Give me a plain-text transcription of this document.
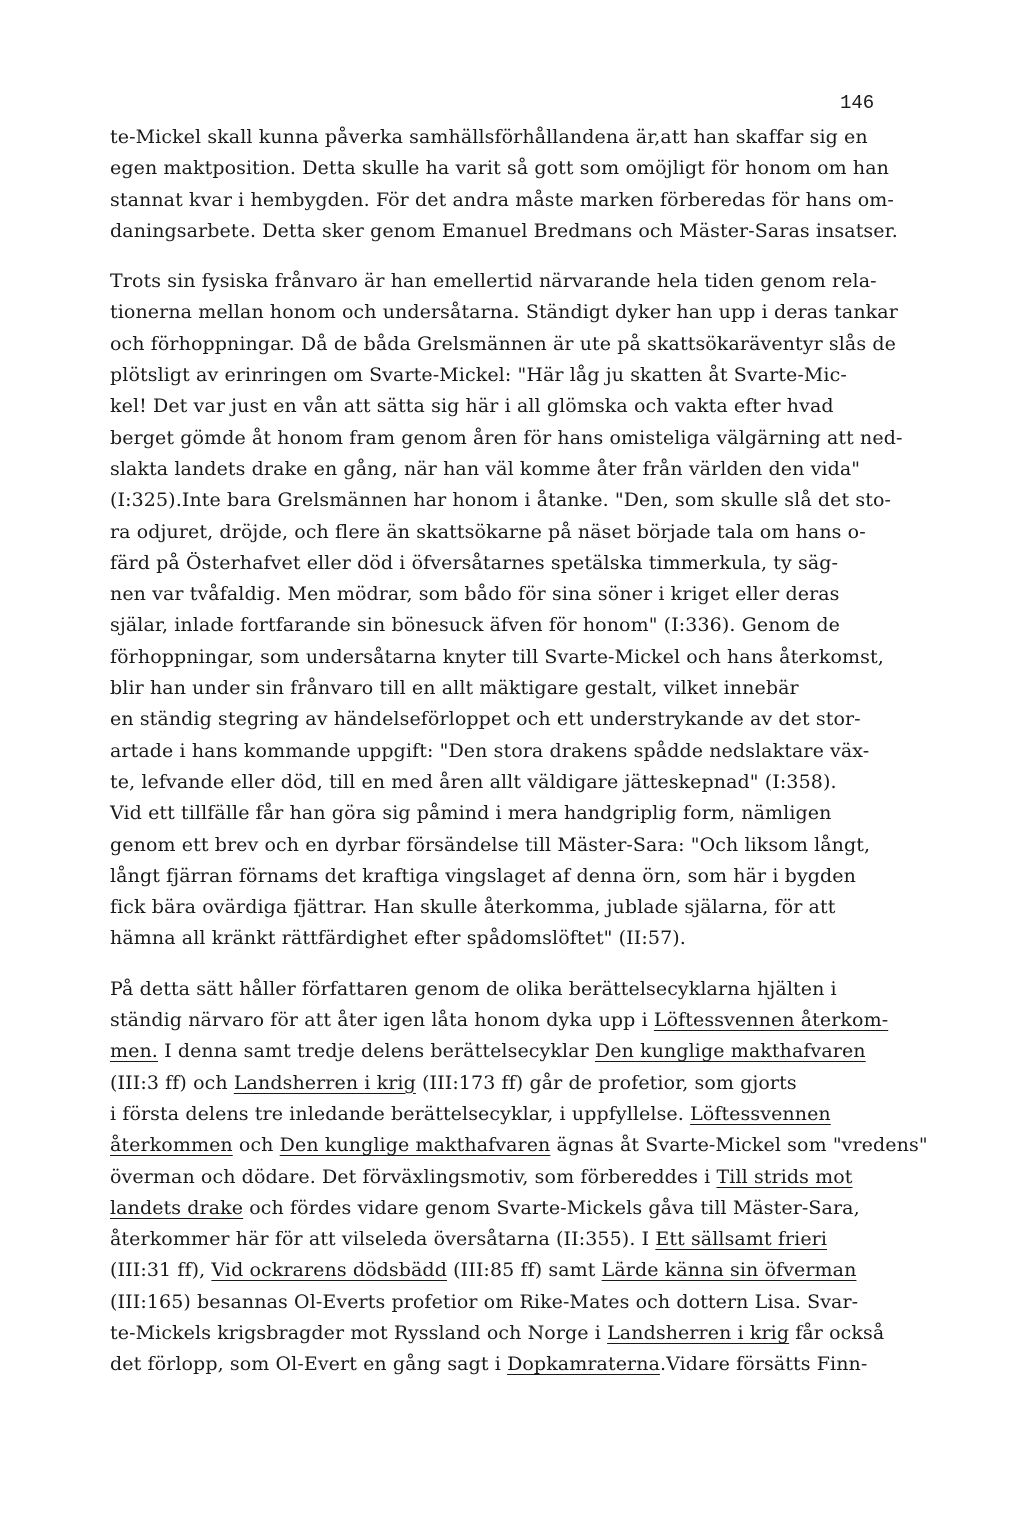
146
te-Mickel skall kunna påverka samhällsförhållandena är,att han skaffar sig en
egen maktposition. Detta skulle ha varit så gott som omöjligt för honom om han
stannat kvar i hembygden. För det andra måste marken förberedas för hans om-
daningsarbete. Detta sker genom Emanuel Bredmans och Mäster-Saras insatser.
Trots sin fysiska frånvaro är han emellertid närvarande hela tiden genom rela-
tionerna mellan honom och undersåtarna. Ständigt dyker han upp i deras tankar
och förhoppningar. Då de båda Grelsmännen är ute på skattsökaräventyr slås de
plötsligt av erinringen om Svarte-Mickel: "Här låg ju skatten åt Svarte-Mic-
kel! Det var just en vån att sätta sig här i all glömska och vakta efter hvad
berget gömde åt honom fram genom åren för hans omisteliga välgärning att ned-
slakta landets drake en gång, när han väl komme åter från världen den vida"
(I:325).Inte bara Grelsmännen har honom i åtanke. "Den, som skulle slå det sto-
ra odjuret, dröjde, och flere än skattsökarne på näset började tala om hans o-
färd på Österhafvet eller död i öfversåtarnes spetälska timmerkula, ty säg-
nen var tvåfaldig. Men mödrar, som bådo för sina söner i kriget eller deras
själar, inlade fortfarande sin bönesuck äfven för honom" (I:336). Genom de
förhoppningar, som undersåtarna knyter till Svarte-Mickel och hans återkomst,
blir han under sin frånvaro till en allt mäktigare gestalt, vilket innebär
en ständig stegring av händelseförloppet och ett understrykande av det stor-
artade i hans kommande uppgift: "Den stora drakens spådde nedslaktare väx-
te, lefvande eller död, till en med åren allt väldigare jätteskepnad" (I:358).
Vid ett tillfälle får han göra sig påmind i mera handgriplig form, nämligen
genom ett brev och en dyrbar försändelse till Mäster-Sara: "Och liksom långt,
långt fjärran förnams det kraftiga vingslaget af denna örn, som här i bygden
fick bära ovärdiga fjättrar. Han skulle återkomma, jublade själarna, för att
hämna all kränkt rättfärdighet efter spådomslöftet" (II:57).
På detta sätt håller författaren genom de olika berättelsecyklarna hjälten i
ständig närvaro för att åter igen låta honom dyka upp i Löftessvennen återkom-
men. I denna samt tredje delens berättelsecyklar Den kunglige makthafvaren
(III:3 ff) och Landsherren i krig (III:173 ff) går de profetior, som gjorts
i första delens tre inledande berättelsecyklar, i uppfyllelse. Löftessvennen
återkommen och Den kunglige makthafvaren ägnas åt Svarte-Mickel som "vredens"
överman och dödare. Det förväxlingsmotiv, som förbereddes i Till strids mot
landets drake och fördes vidare genom Svarte-Mickels gåva till Mäster-Sara,
återkommer här för att vilseleda översåtarna (II:355). I Ett sällsamt frieri
(III:31 ff), Vid ockrarens dödsbädd (III:85 ff) samt Lärde känna sin öfverman
(III:165) besannas Ol-Everts profetior om Rike-Mates och dottern Lisa. Svar-
te-Mickels krigsbragder mot Ryssland och Norge i Landsherren i krig får också
det förlopp, som Ol-Evert en gång sagt i Dopkamraterna.Vidare försätts Finn-
